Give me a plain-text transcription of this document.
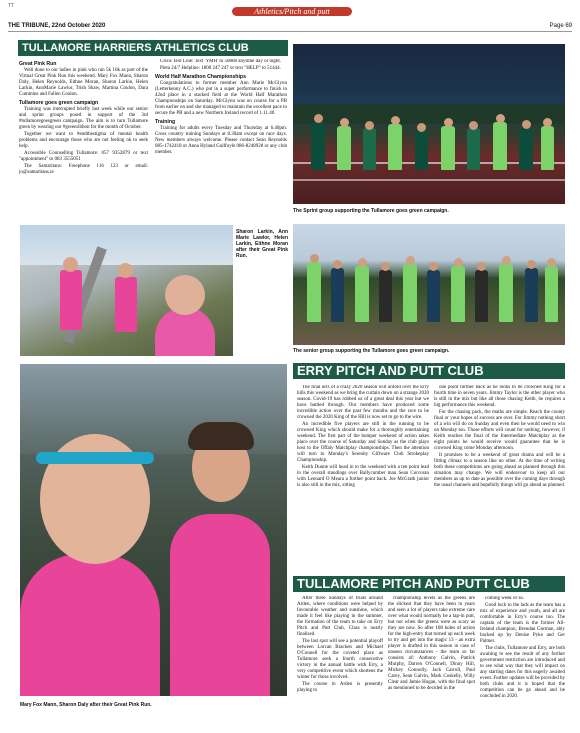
TT
Athletics/Pitch and putt
THE TRIBUNE, 22nd October 2020	Page 69
TULLAMORE HARRIERS ATHLETICS CLUB
Great Pink Run

Well done to our ladies in pink who ran 5k 10k as part of the Virtual Great Pink Run this weekend. Mary Fox Mann, Sharon Daly, Helen Reynolds, Eithne Moran, Sharon Larkin, Helen Larkin, AnnMarie Lawlor, Trish Shaw, Martina Coulon, Dara Cummins and Fallen Coulon.

Tullamore goes green campaign

Training was interrupted briefly last week while our senior and sprint groups posed in support of the 3rd #tullamoregoesgreen campaign. The aim is to turn Tullamore green by wearing our #greenribbon for the month of October.

Together we want to #endthestigma of mental health problems and encourage those who are not feeling ok to seek help.

Accessible Counselling Tullamore: 057 9352879 or text "appointment" to 083 3555051

The Samaritans: Freephone 116 123 or email: jo@samaritans.ie

Crisis Text Line: Text 'YMH' to 50808 anytime day or night.

Pieta 24/7 Helpline: 1800 247 247 or text "HELP" to 51444.

World Half Marathon Championships

Congratulations to former member Ann Marie McGlynn (Letterkenny A.C.) who put in a super performance to finish in 42nd place in a stacked field at the World Half Marathon Championships on Saturday. McGlynn was on course for a PB from earlier on and she managed to maintain the excellent pace to secure the PB and a new Northern Ireland record of 1.11.40.

Training

Training for adults every Tuesday and Thursday at 6.40pm. Cross country training Sundays at 8.30am except on race days. New members always welcome. Please contact Sean Reynolds 085-1742418 or Anna Hyland Gullfoyle 086-8248928 or any club member.

The Sprint group supporting the Tullamore goes green campaign.
Sharon Larkin, Ann Marie Lawlor, Helen Larkin, Eithne Moran after their Great Pink Run.
The senior group supporting the Tullamore goes green campaign.
Mary Fox Mann, Sharon Daly after their Great Pink Run.
ERRY PITCH AND PUTT CLUB

The final acts of a crazy 2020 season will unfold over the Erry hills this weekend as we bring the curtain down on a strange 2020 season. Covid-19 has robbed us of a great deal this year but we have battled through. Our members have produced some incredible action over the past few months and the race to be crowned the 2020 King of the Hill is now set to go to the wire.

An incredible five players are still in the running to be crowned King which should make for a thoroughly entertaining weekend. The first part of the bumper weekend of action takes place over the course of Saturday and Sunday as the club plays host to the Offaly Matchplay championships. Then the attention will turn to Monday's Serenity Giftware Club Strokeplay Championship.

Keith Dunne will head in to the weekend with a ten point lead in the overall standings over Ballycumber man Sean Corcoran with Leonard O Meara a further point back. Joe McGrath junior is also still in the mix, sitting

one point further back as he looks to be crowned King for a fourth time in seven years. Jimmy Taylor is the other player who is still in the mix but like all those chasing Keith, he requires a big performance this weekend.

For the chasing pack, the maths are simple. Reach the county final or your hopes of success are over. For Jimmy nothing short of a win will do on Sunday and even then he would need to win on Monday too. Those efforts will count for nothing, however, if Keith reaches the final of the Intermediate Matchplay as the eight points he would receive would guarantee that he is crowned King come Monday afternoon.

It promises to be a weekend of great drama and will be a fitting climax to a season like no other. At the time of writing both these competitions are going ahead as planned through this situation may change. We will endeavour to keep all our members as up to date as possible over the coming days through the usual channels and hopefully things will go ahead as planned.

TULLAMORE PITCH AND PUTT CLUB

After three Sundays of trials around Arden, where conditions were helped by favourable weather and sunshine, which made it feel like playing in the summer, the formation of the team to take on Erry Pitch and Putt Club, Clara is nearly finalised.

The last spot will see a potential playoff between Lorcan Bracken and Michael O'Connell for the coveted place as Tullamore seek a fourth consecutive victory in the annual battle with Erry, a very competitive event which shortens the winter for those involved.

The course in Arden is presently playing to

championship levels as the greens are the slickest that they have been in years and seen a lot of players take extreme care over what would normally be a tap-in putt, but not when the greens were as scary as they are now. So after 108 holes of action for the high-entry that turned up each week to try and get into the magic 13 - an extra player is drafted in this season in case of unseen circumstances - the team so far consists of: Anthony Galvin, Patrick Murphy, Darren O'Connell, Dinny Hill, Mickey Connolly, Jack Carroll, Paul Carey, Sean Galvin, Mark Coskelly, Willy Clear and Jamie Hogan, with the final spot as mentioned to be decided in the

coming week or so.

Good luck to the lads as the team has a mix of experience and youth, and all are comfortable in Erry's course too. The captain of the team is the former All-Ireland champion, Brendan Gorman, ably backed up by Denise Pyke and Ger Palmer.

The clubs, Tullamore and Erry, are both awaiting to see the result of any further government restriction are introduced and to see what way that they will impact on any starting dates for this eagerly awaited event. Further updates will be provided by both clubs and it is hoped that the competition can be go ahead and be concluded in 2020.
